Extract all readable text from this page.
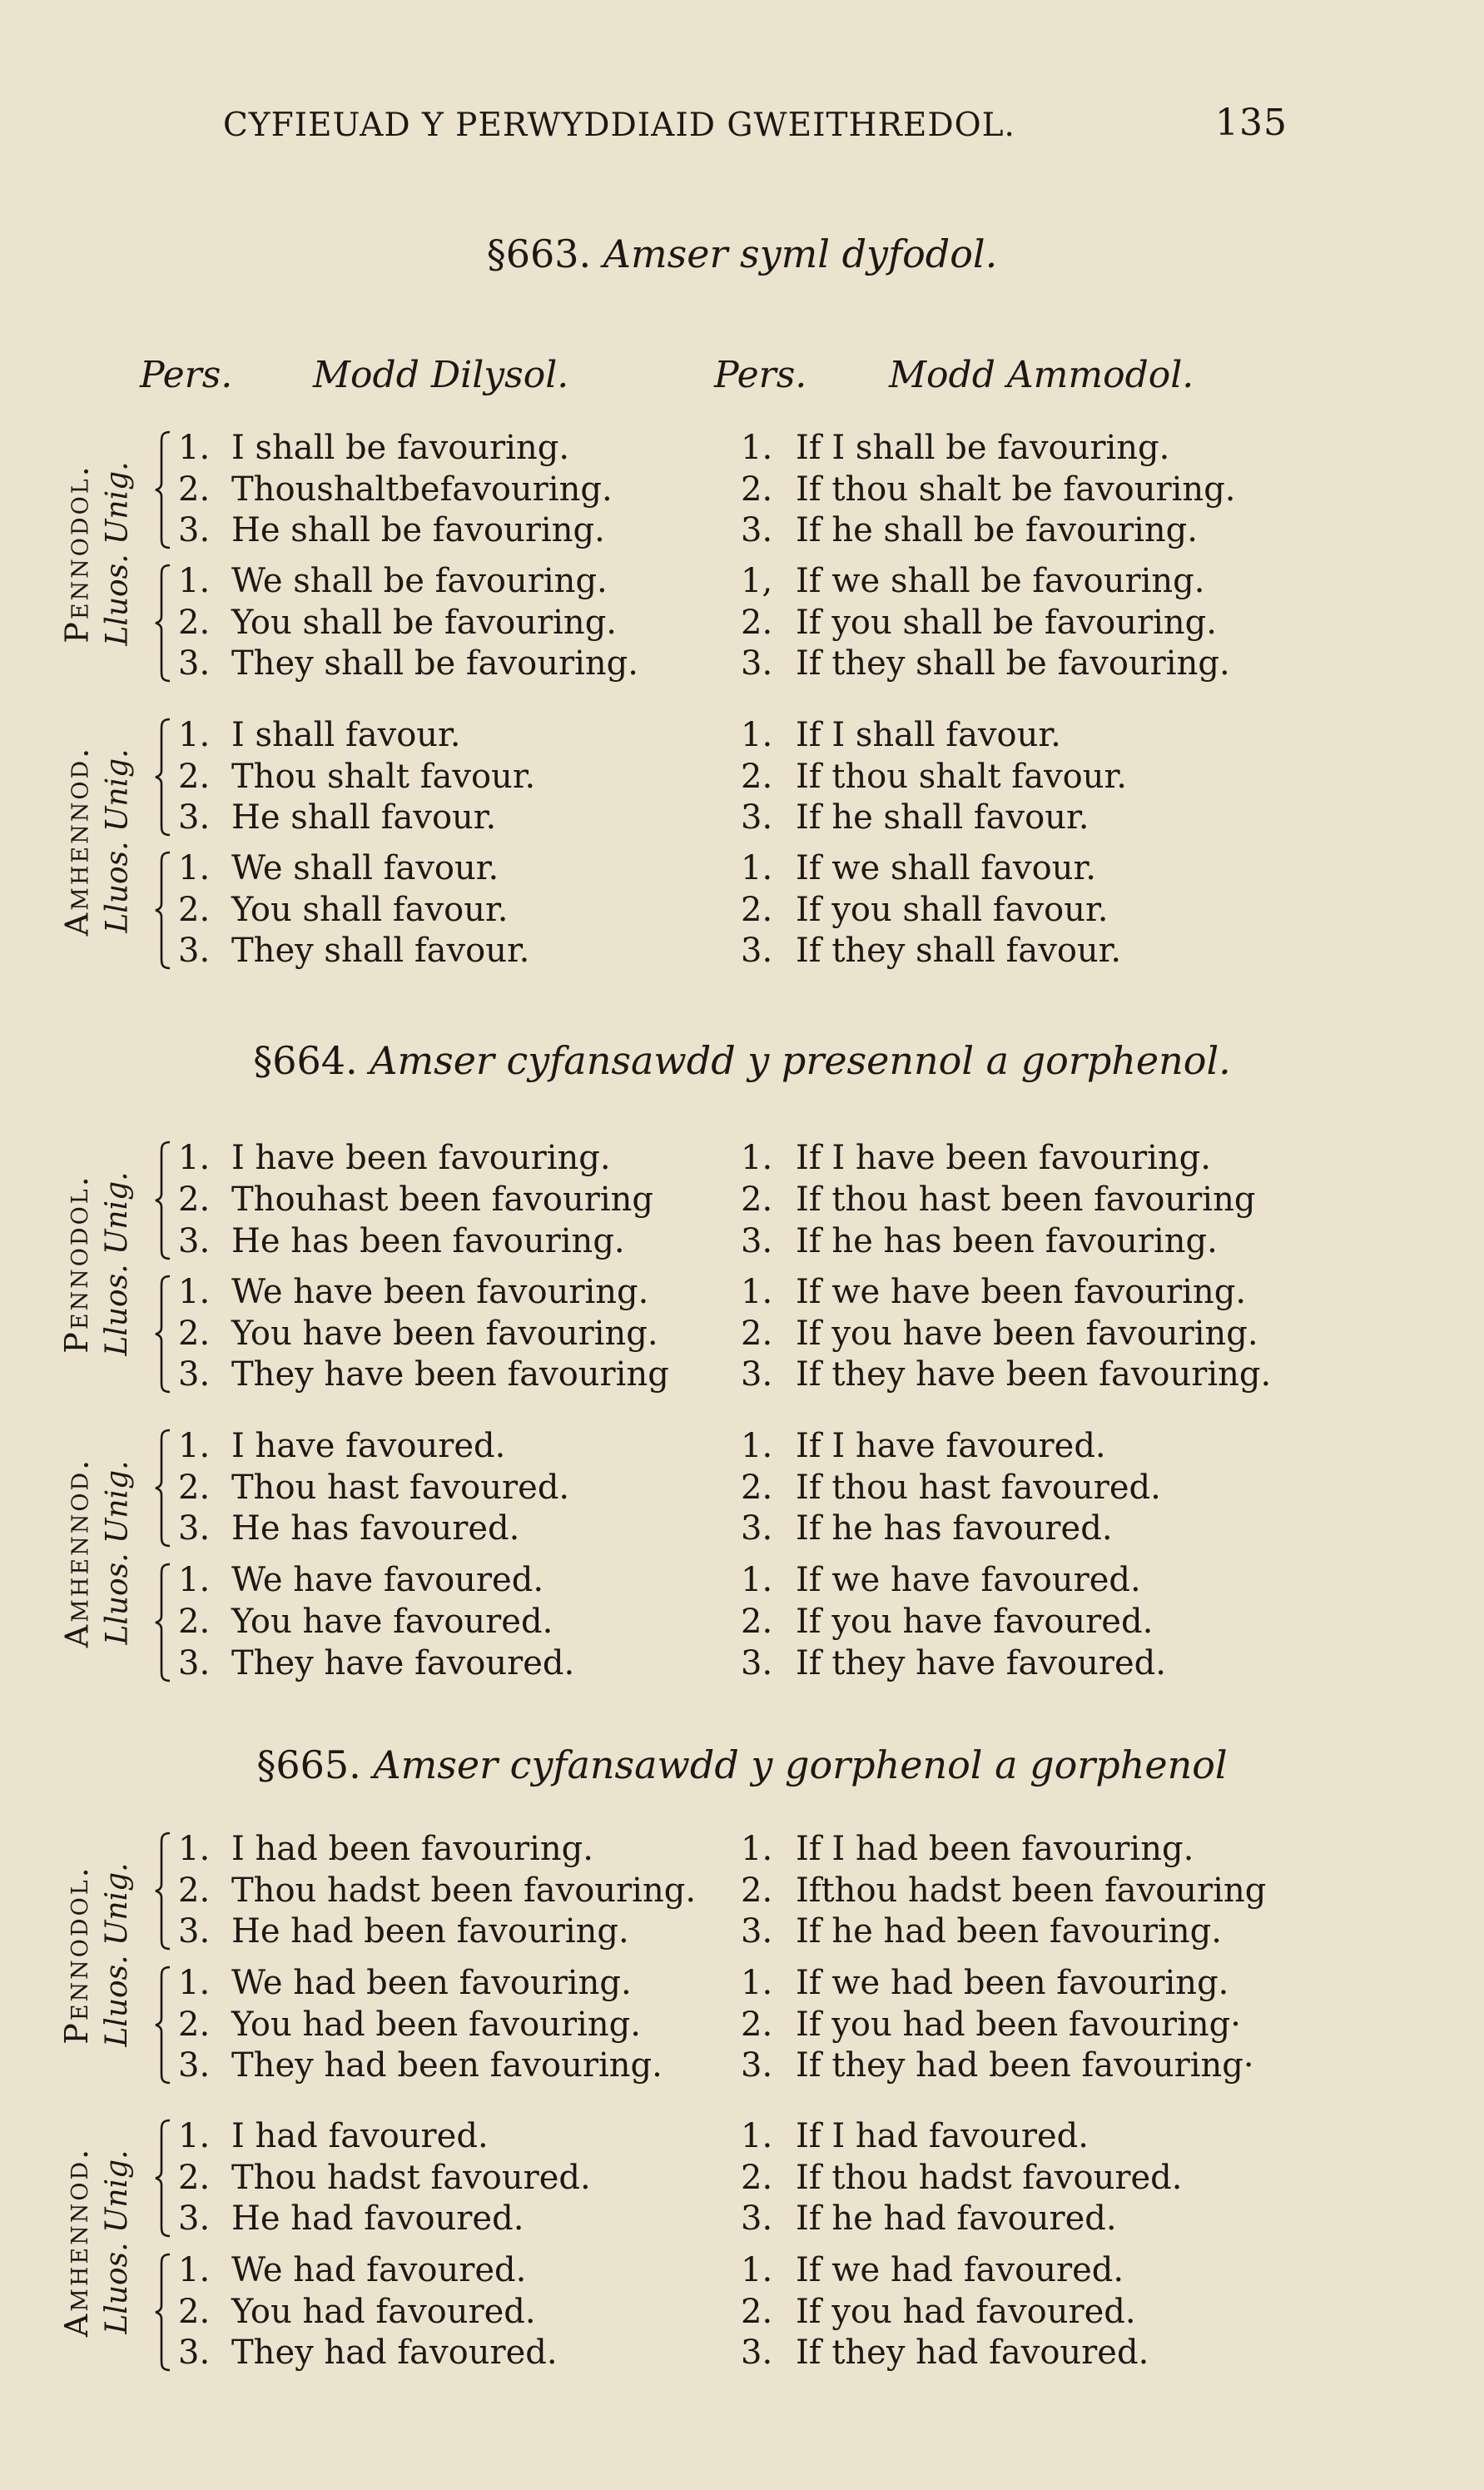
CYFIEUAD Y PERWYDDIAID GWEITHREDOL.	135
Pers. Modd Dilysol.	Pers. Modd Ammodol.
§663. Amser syml dyfodol.
Pennodol. Lluos. Unig.
1. I shall be favouring.	1. If I shall be favouring.
2. Thoushaltbefavouring.	2. If thou shalt be favouring.
3. He shall be favouring.	3. If he shall be favouring.
1. We shall be favouring.	1, If we shall be favouring.
2. You shall be favouring.	2. If you shall be favouring.
3. They shall be favouring.	3. If they shall be favouring.
Amhennod. Lluos. Unig.
1. I shall favour.	1. If I shall favour.
2. Thou shalt favour.	2. If thou shalt favour.
3. He shall favour.	3. If he shall favour.
1. We shall favour.	1. If we shall favour.
2. You shall favour.	2. If you shall favour.
3. They shall favour.	3. If they shall favour.
§664. Amser cyfansawdd y presennol a gorphenol.
Pennodol. Lluos. Unig.
1. I have been favouring.	1. If I have been favouring.
2. Thouhast been favouring	2. If thou hast been favouring
3. He has been favouring.	3. If he has been favouring.
1. We have been favouring.	1. If we have been favouring.
2. You have been favouring. 2. If you have been favouring.
3. They have been favouring 3. If they have been favouring.
Amhennod. Lluos. Unig.
1. I have favoured.	1. If I have favoured.
2. Thou hast favoured.	2. If thou hast favoured.
3. He has favoured.	3. If he has favoured.
1. We have favoured.	1. If we have favoured.
2. You have favoured.	2. If you have favoured.
3. They have favoured.	3. If they have favoured.
§665. Amser cyfansawdd y gorphenol a gorphenol
Pennodol. Lluos. Unig.
1. I had been favouring.	1. If I had been favouring.
2. Thou hadst been favouring. 2. Ifthou hadst been favouring
3. He had been favouring.	3. If he had been favouring.
1. We had been favouring.	1. If we had been favouring.
2. You had been favouring.	2. If you had been favouring·
3. They had been favouring. 3. If they had been favouring·
Amhennod. Lluos. Unig.
1. I had favoured.	1. If I had favoured.
2. Thou hadst favoured.	2. If thou hadst favoured.
3. He had favoured.	3. If he had favoured.
1. We had favoured.	1. If we had favoured.
2. You had favoured.	2. If you had favoured.
3. They had favoured.	3. If they had favoured.
